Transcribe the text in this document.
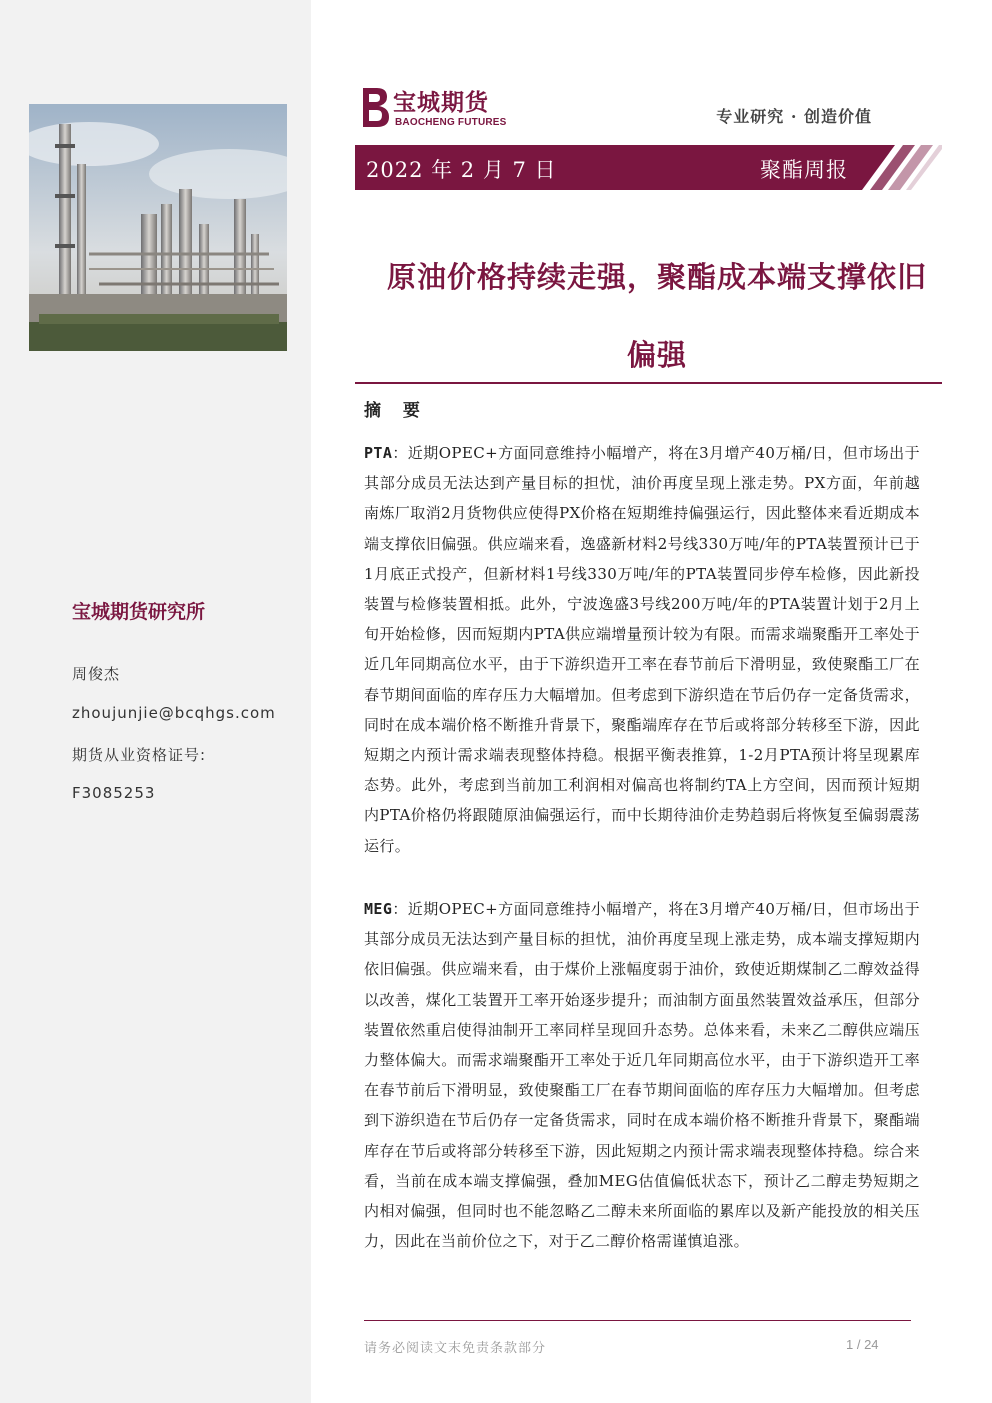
宝城期货研究所
周俊杰
zhoujunjie@bcqhgs.com
期货从业资格证号:
F3085253
宝城期货
BAOCHENG FUTURES	专业研究 · 创造价值
2022 年 2 月 7 日	聚酯周报
原油价格持续走强，聚酯成本端支撑依旧
偏强
摘 要
PTA：近期OPEC+方面同意维持小幅增产，将在3月增产40万桶/日，但市场出于其部分成员无法达到产量目标的担忧，油价再度呈现上涨走势。PX方面，年前越南炼厂取消2月货物供应使得PX价格在短期维持偏强运行，因此整体来看近期成本端支撑依旧偏强。供应端来看，逸盛新材料2号线330万吨/年的PTA装置预计已于1月底正式投产，但新材料1号线330万吨/年的PTA装置同步停车检修，因此新投装置与检修装置相抵。此外，宁波逸盛3号线200万吨/年的PTA装置计划于2月上旬开始检修，因而短期内PTA供应端增量预计较为有限。而需求端聚酯开工率处于近几年同期高位水平，由于下游织造开工率在春节前后下滑明显，致使聚酯工厂在春节期间面临的库存压力大幅增加。但考虑到下游织造在节后仍存一定备货需求，同时在成本端价格不断推升背景下，聚酯端库存在节后或将部分转移至下游，因此短期之内预计需求端表现整体持稳。根据平衡表推算，1-2月PTA预计将呈现累库态势。此外，考虑到当前加工利润相对偏高也将制约TA上方空间，因而预计短期内PTA价格仍将跟随原油偏强运行，而中长期待油价走势趋弱后将恢复至偏弱震荡运行。
MEG：近期OPEC+方面同意维持小幅增产，将在3月增产40万桶/日，但市场出于其部分成员无法达到产量目标的担忧，油价再度呈现上涨走势，成本端支撑短期内依旧偏强。供应端来看，由于煤价上涨幅度弱于油价，致使近期煤制乙二醇效益得以改善，煤化工装置开工率开始逐步提升；而油制方面虽然装置效益承压，但部分装置依然重启使得油制开工率同样呈现回升态势。总体来看，未来乙二醇供应端压力整体偏大。而需求端聚酯开工率处于近几年同期高位水平，由于下游织造开工率在春节前后下滑明显，致使聚酯工厂在春节期间面临的库存压力大幅增加。但考虑到下游织造在节后仍存一定备货需求，同时在成本端价格不断推升背景下，聚酯端库存在节后或将部分转移至下游，因此短期之内预计需求端表现整体持稳。综合来看，当前在成本端支撑偏强，叠加MEG估值偏低状态下，预计乙二醇走势短期之内相对偏强，但同时也不能忽略乙二醇未来所面临的累库以及新产能投放的相关压力，因此在当前价位之下，对于乙二醇价格需谨慎追涨。
请务必阅读文末免责条款部分	1 / 24
